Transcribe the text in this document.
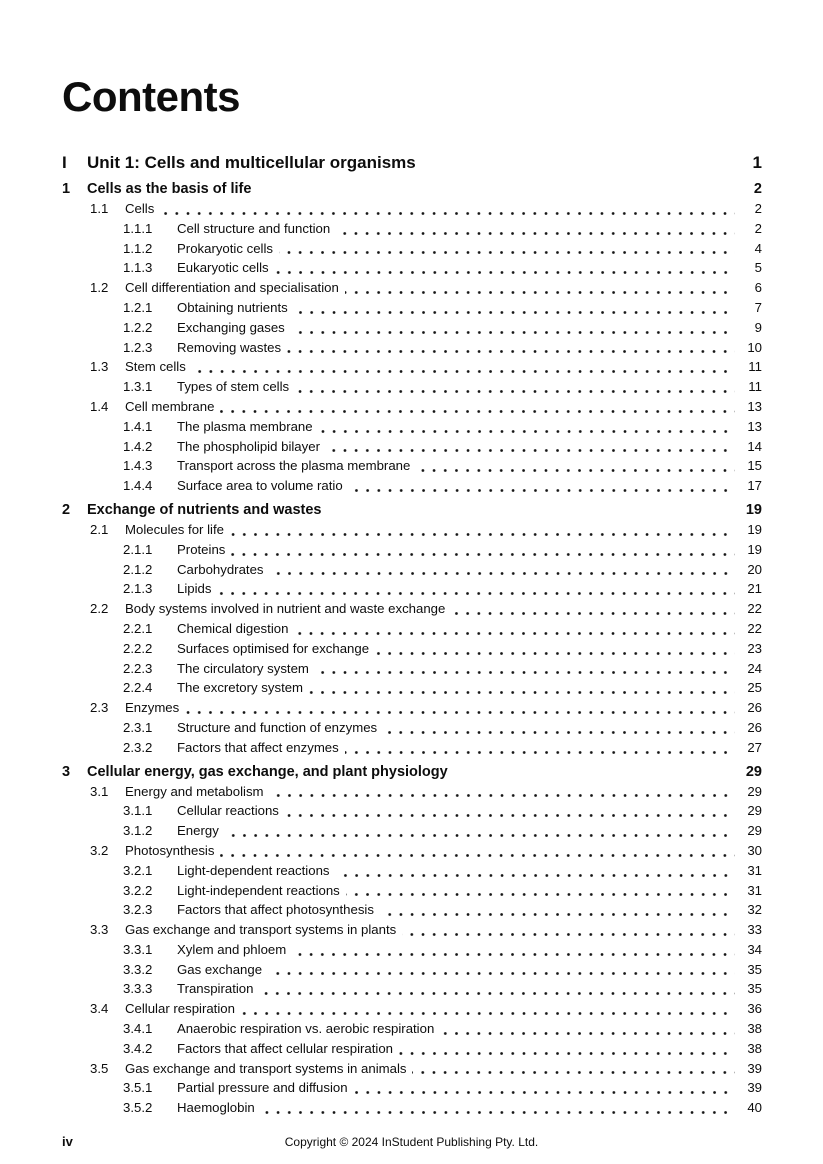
Contents
I	Unit 1: Cells and multicellular organisms	1
1	Cells as the basis of life	2
1.1	Cells	2
1.1.1	Cell structure and function	2
1.1.2	Prokaryotic cells	4
1.1.3	Eukaryotic cells	5
1.2	Cell differentiation and specialisation	6
1.2.1	Obtaining nutrients	7
1.2.2	Exchanging gases	9
1.2.3	Removing wastes	10
1.3	Stem cells	11
1.3.1	Types of stem cells	11
1.4	Cell membrane	13
1.4.1	The plasma membrane	13
1.4.2	The phospholipid bilayer	14
1.4.3	Transport across the plasma membrane	15
1.4.4	Surface area to volume ratio	17
2	Exchange of nutrients and wastes	19
2.1	Molecules for life	19
2.1.1	Proteins	19
2.1.2	Carbohydrates	20
2.1.3	Lipids	21
2.2	Body systems involved in nutrient and waste exchange	22
2.2.1	Chemical digestion	22
2.2.2	Surfaces optimised for exchange	23
2.2.3	The circulatory system	24
2.2.4	The excretory system	25
2.3	Enzymes	26
2.3.1	Structure and function of enzymes	26
2.3.2	Factors that affect enzymes	27
3	Cellular energy, gas exchange, and plant physiology	29
3.1	Energy and metabolism	29
3.1.1	Cellular reactions	29
3.1.2	Energy	29
3.2	Photosynthesis	30
3.2.1	Light-dependent reactions	31
3.2.2	Light-independent reactions	31
3.2.3	Factors that affect photosynthesis	32
3.3	Gas exchange and transport systems in plants	33
3.3.1	Xylem and phloem	34
3.3.2	Gas exchange	35
3.3.3	Transpiration	35
3.4	Cellular respiration	36
3.4.1	Anaerobic respiration vs. aerobic respiration	38
3.4.2	Factors that affect cellular respiration	38
3.5	Gas exchange and transport systems in animals	39
3.5.1	Partial pressure and diffusion	39
3.5.2	Haemoglobin	40
iv	Copyright © 2024 InStudent Publishing Pty. Ltd.
